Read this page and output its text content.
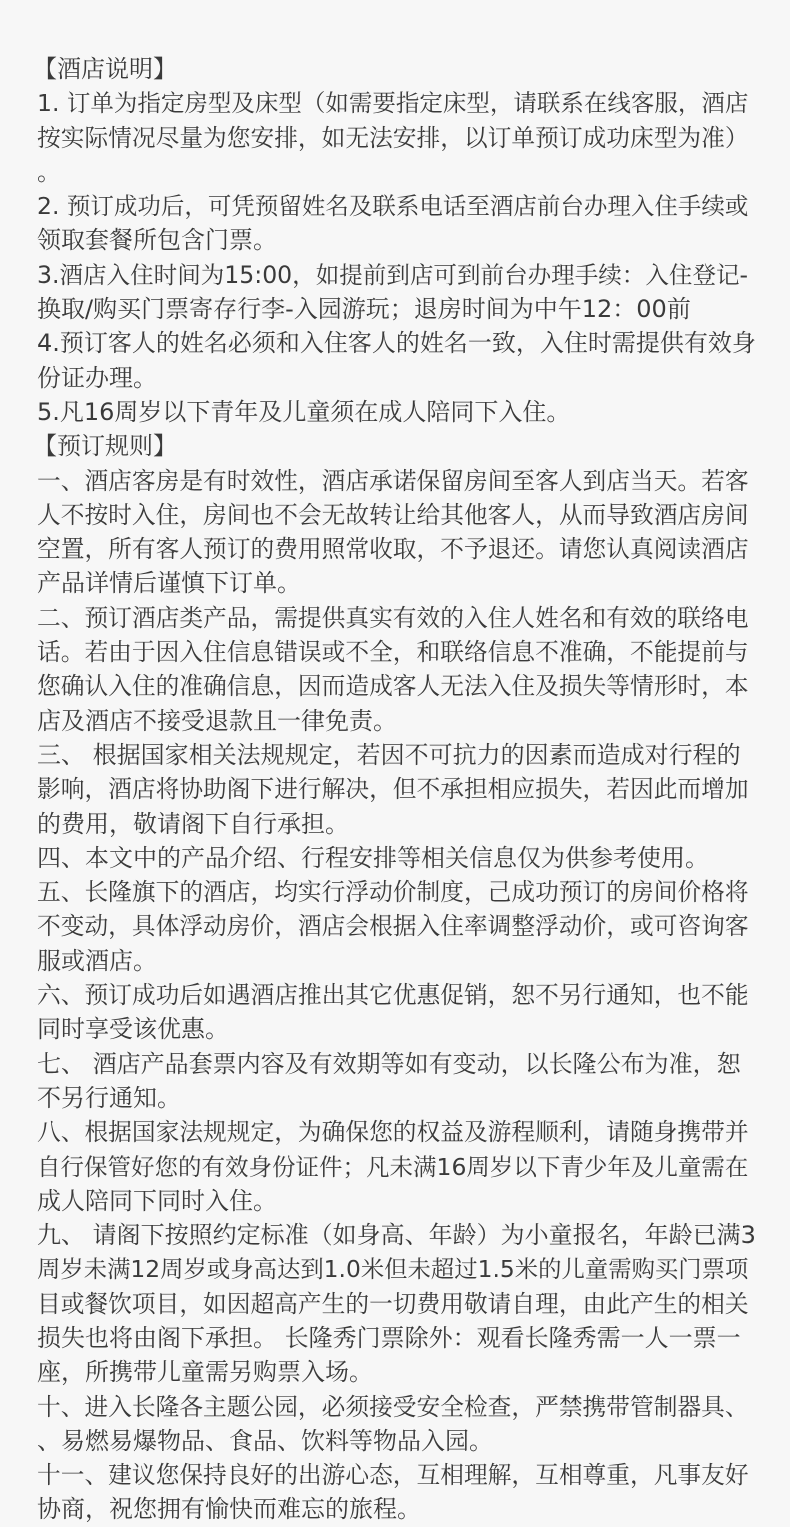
【酒店说明】
1. 订单为指定房型及床型（如需要指定床型，请联系在线客服，酒店
按实际情况尽量为您安排，如无法安排，以订单预订成功床型为准）
。
2. 预订成功后，可凭预留姓名及联系电话至酒店前台办理入住手续或
领取套餐所包含门票。
3.酒店入住时间为15:00，如提前到店可到前台办理手续：入住登记-
换取/购买门票寄存行李-入园游玩；退房时间为中午12：00前
4.预订客人的姓名必须和入住客人的姓名一致，入住时需提供有效身
份证办理。
5.凡16周岁以下青年及儿童须在成人陪同下入住。
【预订规则】
一、酒店客房是有时效性，酒店承诺保留房间至客人到店当天。若客
人不按时入住，房间也不会无故转让给其他客人，从而导致酒店房间
空置，所有客人预订的费用照常收取，不予退还。请您认真阅读酒店
产品详情后谨慎下订单。
二、预订酒店类产品，需提供真实有效的入住人姓名和有效的联络电
话。若由于因入住信息错误或不全，和联络信息不准确，不能提前与
您确认入住的准确信息，因而造成客人无法入住及损失等情形时，本
店及酒店不接受退款且一律免责。
三、 根据国家相关法规规定，若因不可抗力的因素而造成对行程的
影响，酒店将协助阁下进行解决，但不承担相应损失，若因此而增加
的费用，敬请阁下自行承担。
四、本文中的产品介绍、行程安排等相关信息仅为供参考使用。
五、长隆旗下的酒店，均实行浮动价制度，己成功预订的房间价格将
不变动，具体浮动房价，酒店会根据入住率调整浮动价，或可咨询客
服或酒店。
六、预订成功后如遇酒店推出其它优惠促销，恕不另行通知，也不能
同时享受该优惠。
七、 酒店产品套票内容及有效期等如有变动，以长隆公布为准，恕
不另行通知。
八、根据国家法规规定，为确保您的权益及游程顺利，请随身携带并
自行保管好您的有效身份证件；凡未满16周岁以下青少年及儿童需在
成人陪同下同时入住。
九、 请阁下按照约定标准（如身高、年龄）为小童报名，年龄已满3
周岁未满12周岁或身高达到1.0米但未超过1.5米的儿童需购买门票项
目或餐饮项目，如因超高产生的一切费用敬请自理，由此产生的相关
损失也将由阁下承担。 长隆秀门票除外：观看长隆秀需一人一票一
座，所携带儿童需另购票入场。
十、进入长隆各主题公园，必须接受安全检查，严禁携带管制器具、
、易燃易爆物品、食品、饮料等物品入园。
十一、建议您保持良好的出游心态，互相理解，互相尊重，凡事友好
协商，祝您拥有愉快而难忘的旅程。
